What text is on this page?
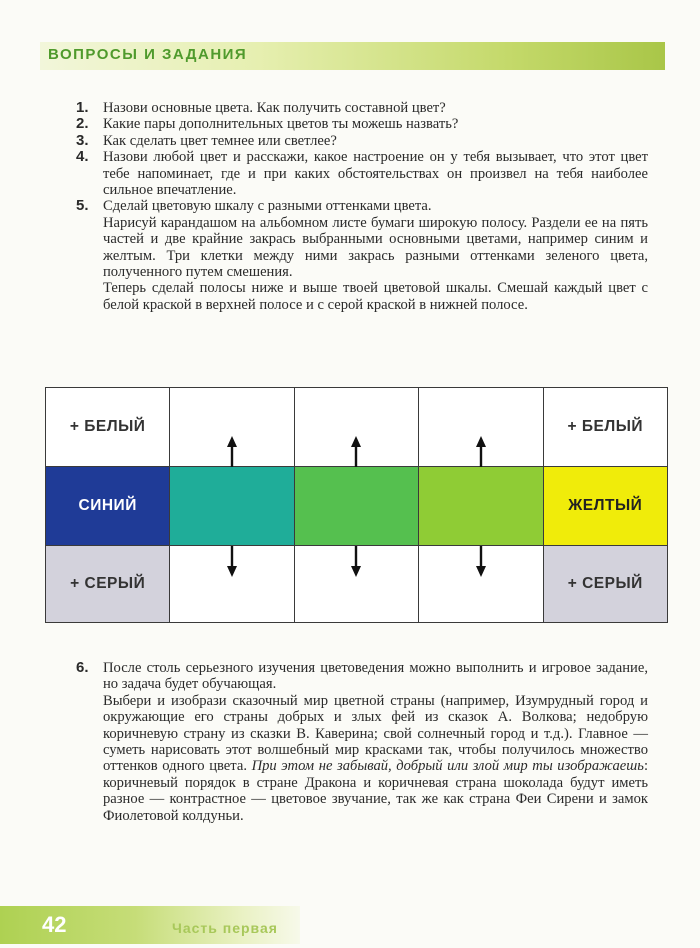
ВОПРОСЫ И ЗАДАНИЯ
1. Назови основные цвета. Как получить составной цвет?
2. Какие пары дополнительных цветов ты можешь назвать?
3. Как сделать цвет темнее или светлее?
4. Назови любой цвет и расскажи, какое настроение он у тебя вызывает, что этот цвет тебе напоминает, где и при каких обстоятельствах он произвел на тебя наиболее сильное впечатление.
5. Сделай цветовую шкалу с разными оттенками цвета.
Нарисуй карандашом на альбомном листе бумаги широкую полосу. Раздели ее на пять частей и две крайние закрась выбранными основными цветами, например синим и желтым. Три клетки между ними закрась разными оттенками зеленого цвета, полученного путем смешения.
Теперь сделай полосы ниже и выше твоей цветовой шкалы. Смешай каждый цвет с белой краской в верхней полосе и с серой краской в нижней полосе.
+ БЕЛЫЙ				+ БЕЛЫЙ
СИНИЙ				ЖЕЛТЫЙ
+ СЕРЫЙ				+ СЕРЫЙ
6. После столь серьезного изучения цветоведения можно выполнить и игровое задание, но задача будет обучающая.
Выбери и изобрази сказочный мир цветной страны (например, Изумрудный город и окружающие его страны добрых и злых фей из сказок А. Волкова; недобрую коричневую страну из сказки В. Каверина; свой солнечный город и т.д.). Главное — суметь нарисовать этот волшебный мир красками так, чтобы получилось множество оттенков одного цвета. При этом не забывай, добрый или злой мир ты изображаешь: коричневый порядок в стране Дракона и коричневая страна шоколада будут иметь разное — контрастное — цветовое звучание, так же как страна Феи Сирени и замок Фиолетовой колдуньи.
42	Часть первая
